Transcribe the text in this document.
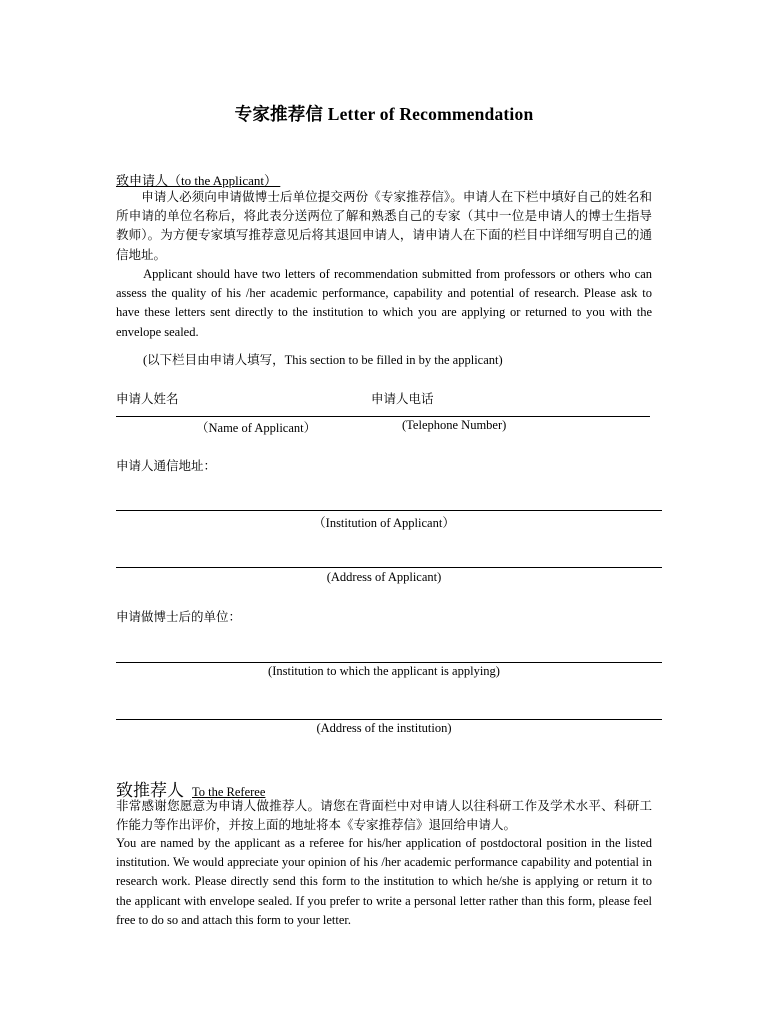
专家推荐信 Letter of Recommendation
致申请人（to the Applicant）
　　申请人必须向申请做博士后单位提交两份《专家推荐信》。申请人在下栏中填好自己的姓名和所申请的单位名称后，将此表分送两位了解和熟悉自己的专家（其中一位是申请人的博士生指导教师）。为方便专家填写推荐意见后将其退回申请人，请申请人在下面的栏目中详细写明自己的通信地址。
　　Applicant should have two letters of recommendation submitted from professors or others who can assess the quality of his /her academic performance, capability and potential of research. Please ask to have these letters sent directly to the institution to which you are applying or returned to you with the envelope sealed.
(以下栏目由申请人填写，This section to be filled in by the applicant)
申请人姓名	申请人电话
（Name of Applicant）	(Telephone Number)
申请人通信地址：
（Institution of Applicant）
(Address of Applicant)
申请做博士后的单位：
(Institution to which the applicant is applying)
(Address of the institution)
致推荐人 To the Referee
非常感谢您愿意为申请人做推荐人。请您在背面栏中对申请人以往科研工作及学术水平、科研工作能力等作出评价，并按上面的地址将本《专家推荐信》退回给申请人。
You are named by the applicant as a referee for his/her application of postdoctoral position in the listed institution. We would appreciate your opinion of his /her academic performance capability and potential in research work. Please directly send this form to the institution to which he/she is applying or return it to the applicant with envelope sealed. If you prefer to write a personal letter rather than this form, please feel free to do so and attach this form to your letter.
